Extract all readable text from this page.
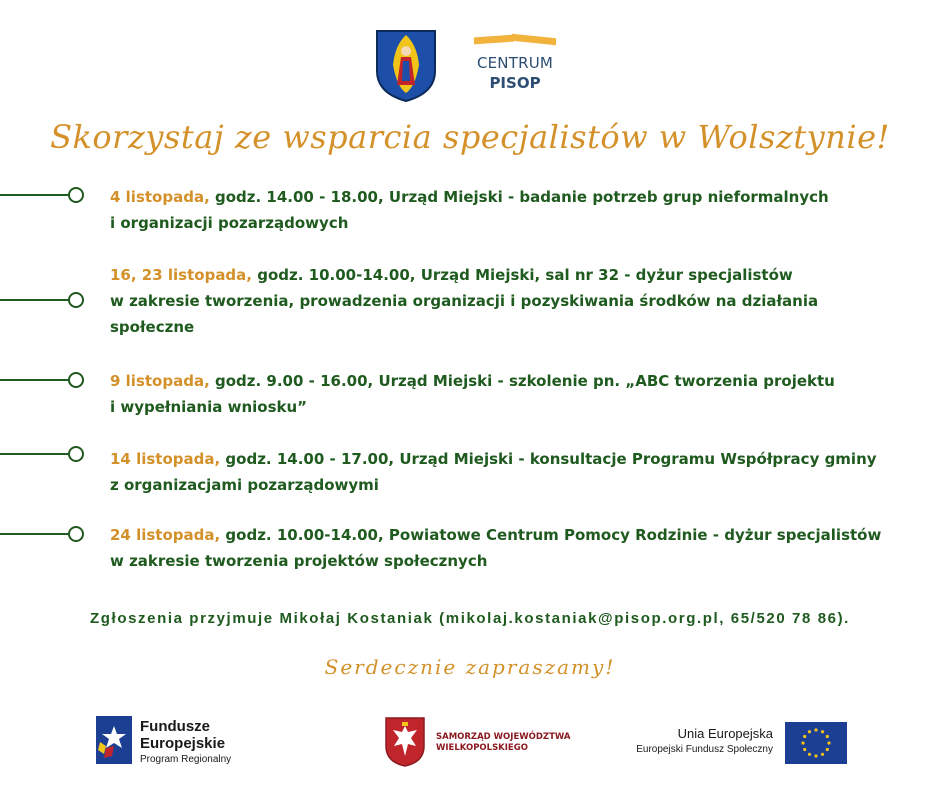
CENTRUM
PISOP
Skorzystaj ze wsparcia specjalistów w Wolsztynie!
4 listopada, godz. 14.00 - 18.00, Urząd Miejski - badanie potrzeb grup nieformalnych
i organizacji pozarządowych
16, 23 listopada, godz. 10.00-14.00, Urząd Miejski, sal nr 32 - dyżur specjalistów
w zakresie tworzenia, prowadzenia organizacji i pozyskiwania środków na działania
społeczne
9 listopada, godz. 9.00 - 16.00, Urząd Miejski - szkolenie pn. „ABC tworzenia projektu
i wypełniania wniosku”
14 listopada, godz. 14.00 - 17.00, Urząd Miejski - konsultacje Programu Współpracy gminy
z organizacjami pozarządowymi
24 listopada, godz. 10.00-14.00, Powiatowe Centrum Pomocy Rodzinie - dyżur specjalistów
w zakresie tworzenia projektów społecznych
Zgłoszenia przyjmuje Mikołaj Kostaniak (mikolaj.kostaniak@pisop.org.pl, 65/520 78 86).
Serdecznie zapraszamy!
Fundusze
Europejskie
Program Regionalny
SAMORZĄD WOJEWÓDZTWA
WIELKOPOLSKIEGO
Unia Europejska
Europejski Fundusz Społeczny
